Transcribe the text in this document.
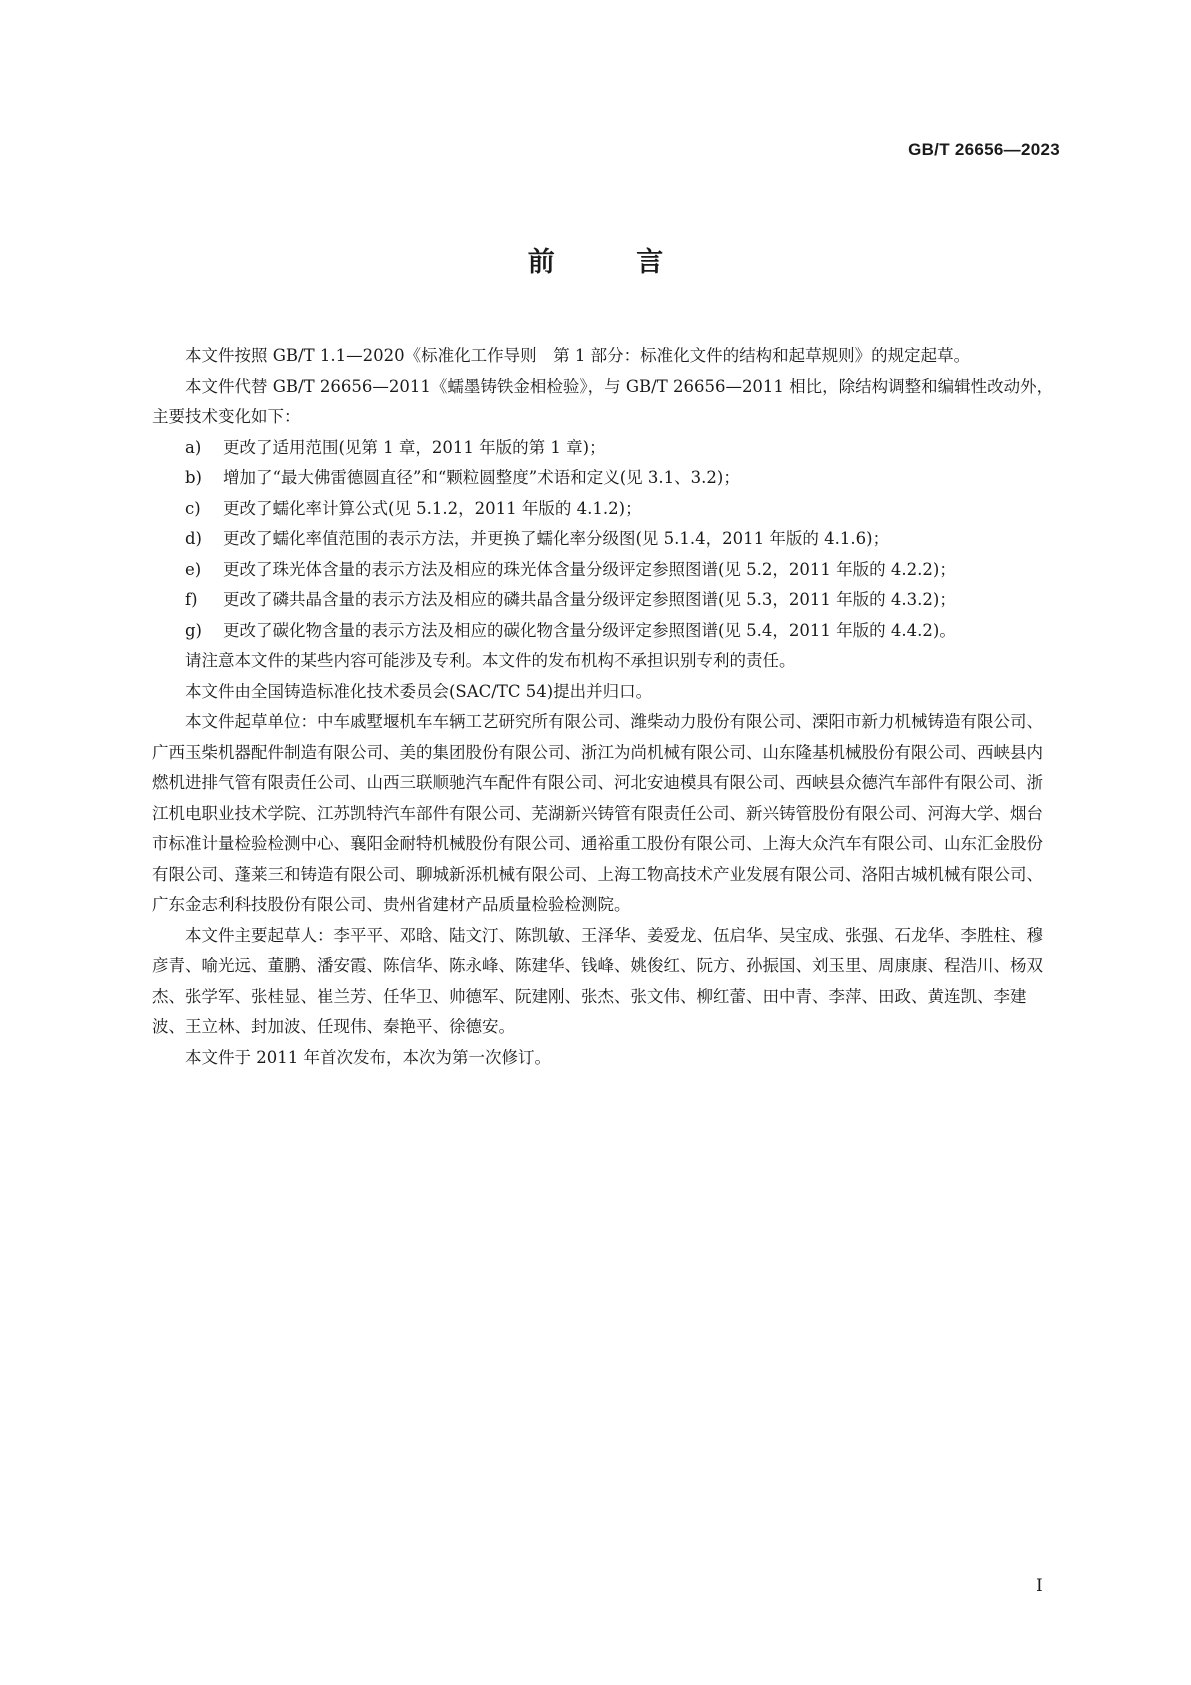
GB/T 26656—2023
前 言

本文件按照 GB/T 1.1—2020《标准化工作导则　第 1 部分：标准化文件的结构和起草规则》的规定起草。

本文件代替 GB/T 26656—2011《蠕墨铸铁金相检验》，与 GB/T 26656—2011 相比，除结构调整和编辑性改动外，主要技术变化如下：

a) 更改了适用范围(见第 1 章，2011 年版的第 1 章)；
b) 增加了“最大佛雷德圆直径”和“颗粒圆整度”术语和定义(见 3.1、3.2)；
c) 更改了蠕化率计算公式(见 5.1.2，2011 年版的 4.1.2)；
d) 更改了蠕化率值范围的表示方法，并更换了蠕化率分级图(见 5.1.4，2011 年版的 4.1.6)；
e) 更改了珠光体含量的表示方法及相应的珠光体含量分级评定参照图谱(见 5.2，2011 年版的 4.2.2)；
f) 更改了磷共晶含量的表示方法及相应的磷共晶含量分级评定参照图谱(见 5.3，2011 年版的 4.3.2)；
g) 更改了碳化物含量的表示方法及相应的碳化物含量分级评定参照图谱(见 5.4，2011 年版的 4.4.2)。

请注意本文件的某些内容可能涉及专利。本文件的发布机构不承担识别专利的责任。

本文件由全国铸造标准化技术委员会(SAC/TC 54)提出并归口。

本文件起草单位：中车戚墅堰机车车辆工艺研究所有限公司、潍柴动力股份有限公司、溧阳市新力机械铸造有限公司、广西玉柴机器配件制造有限公司、美的集团股份有限公司、浙江为尚机械有限公司、山东隆基机械股份有限公司、西峡县内燃机进排气管有限责任公司、山西三联顺驰汽车配件有限公司、河北安迪模具有限公司、西峡县众德汽车部件有限公司、浙江机电职业技术学院、江苏凯特汽车部件有限公司、芜湖新兴铸管有限责任公司、新兴铸管股份有限公司、河海大学、烟台市标准计量检验检测中心、襄阳金耐特机械股份有限公司、通裕重工股份有限公司、上海大众汽车有限公司、山东汇金股份有限公司、蓬莱三和铸造有限公司、聊城新泺机械有限公司、上海工物高技术产业发展有限公司、洛阳古城机械有限公司、广东金志利科技股份有限公司、贵州省建材产品质量检验检测院。

本文件主要起草人：李平平、邓晗、陆文汀、陈凯敏、王泽华、姜爱龙、伍启华、吴宝成、张强、石龙华、李胜柱、穆彦青、喻光远、董鹏、潘安霞、陈信华、陈永峰、陈建华、钱峰、姚俊红、阮方、孙振国、刘玉里、周康康、程浩川、杨双杰、张学军、张桂显、崔兰芳、任华卫、帅德军、阮建刚、张杰、张文伟、柳红蕾、田中青、李萍、田政、黄连凯、李建波、王立林、封加波、任现伟、秦艳平、徐德安。

本文件于 2011 年首次发布，本次为第一次修订。

I
